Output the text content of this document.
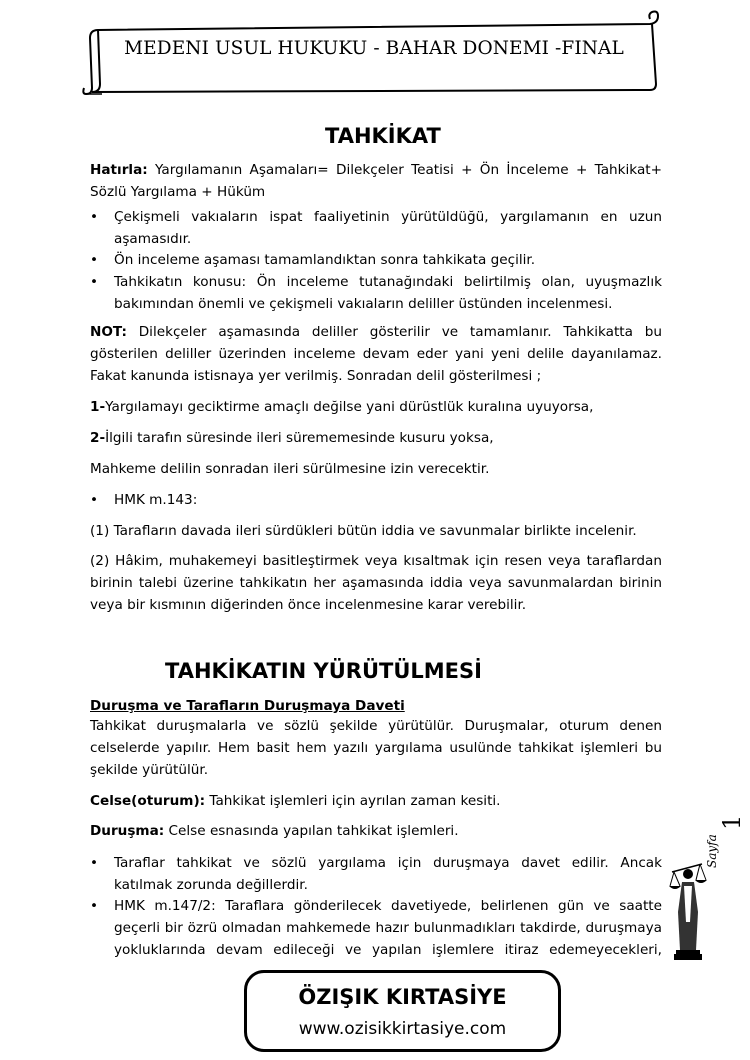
MEDENI USUL HUKUKU - BAHAR DONEMI -FINAL
TAHKİKAT
Hatırla: Yargılamanın Aşamaları= Dilekçeler Teatisi + Ön İnceleme + Tahkikat+
Sözlü Yargılama + Hüküm
•	Çekişmeli vakıaların ispat faaliyetinin yürütüldüğü, yargılamanın en uzun
aşamasıdır.
•	Ön inceleme aşaması tamamlandıktan sonra tahkikata geçilir.
•	Tahkikatın konusu: Ön inceleme tutanağındaki belirtilmiş olan, uyuşmazlık
bakımından önemli ve çekişmeli vakıaların deliller üstünden incelenmesi.
NOT: Dilekçeler aşamasında deliller gösterilir ve tamamlanır. Tahkikatta bu
gösterilen deliller üzerinden inceleme devam eder yani yeni delile dayanılamaz.
Fakat kanunda istisnaya yer verilmiş. Sonradan delil gösterilmesi ;
1-Yargılamayı geciktirme amaçlı değilse yani dürüstlük kuralına uyuyorsa,
2-İlgili tarafın süresinde ileri sürememesinde kusuru yoksa,
Mahkeme delilin sonradan ileri sürülmesine izin verecektir.
•	HMK m.143:
(1) Tarafların davada ileri sürdükleri bütün iddia ve savunmalar birlikte incelenir.
(2) Hâkim, muhakemeyi basitleştirmek veya kısaltmak için resen veya taraflardan
birinin talebi üzerine tahkikatın her aşamasında iddia veya savunmalardan birinin
veya bir kısmının diğerinden önce incelenmesine karar verebilir.
TAHKİKATIN YÜRÜTÜLMESİ
Duruşma ve Tarafların Duruşmaya Daveti
Tahkikat duruşmalarla ve sözlü şekilde yürütülür. Duruşmalar, oturum denen
celselerde yapılır. Hem basit hem yazılı yargılama usulünde tahkikat işlemleri bu
şekilde yürütülür.
Celse(oturum): Tahkikat işlemleri için ayrılan zaman kesiti.
Duruşma: Celse esnasında yapılan tahkikat işlemleri.
•	Taraflar tahkikat ve sözlü yargılama için duruşmaya davet edilir. Ancak
katılmak zorunda değillerdir.
•	HMK m.147/2: Taraflara gönderilecek davetiyede, belirlenen gün ve saatte
geçerli bir özrü olmadan mahkemede hazır bulunmadıkları takdirde, duruşmaya
yokluklarında devam edileceği ve yapılan işlemlere itiraz edemeyecekleri,
Sayfa
1
ÖZIŞIK KIRTASİYE
www.ozisikkirtasiye.com
